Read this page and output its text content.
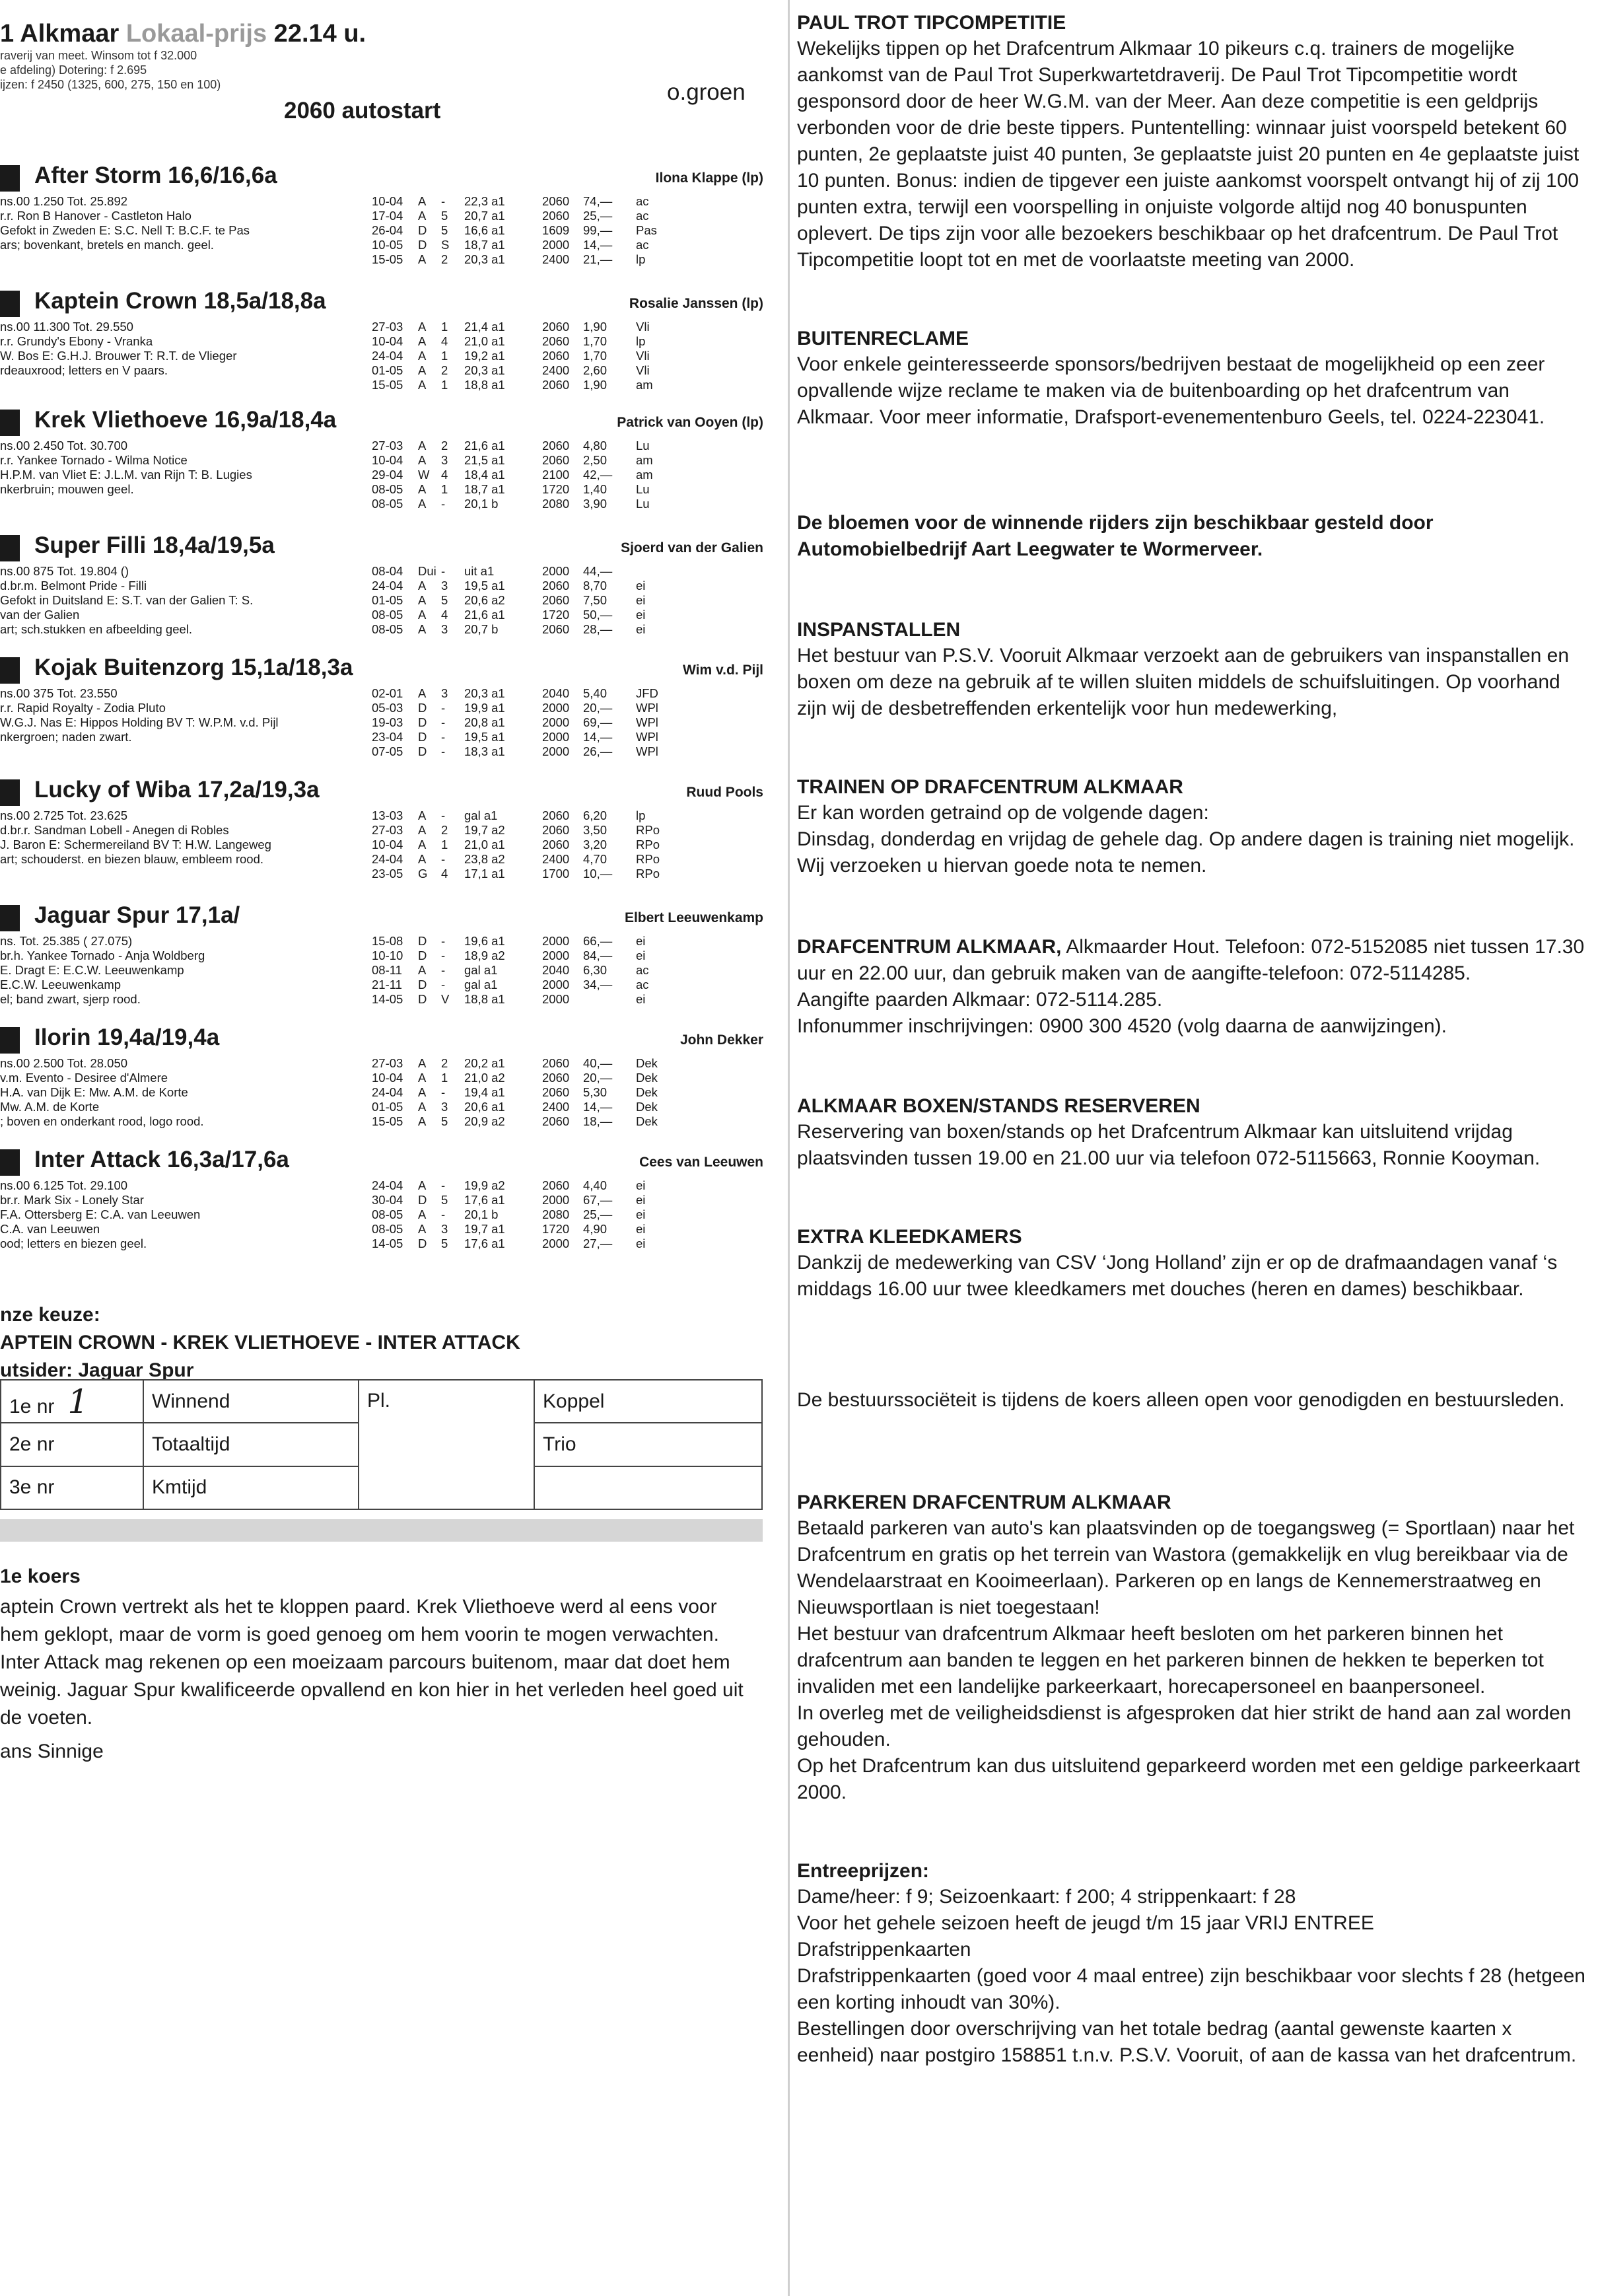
1 Alkmaar Lokaal-prijs 22.14 u.
raverij van meet. Winsom tot f 32.000
e afdeling) Dotering: f 2.695
ijzen: f 2450 (1325, 600, 275, 150 en 100)
2060 autostart
o.groen
After Storm 16,6/16,6a	Ilona Klappe (lp)
ns.00 1.250 Tot. 25.892
r.r. Ron B Hanover - Castleton Halo
Gefokt in Zweden E: S.C. Nell T: B.C.F. te Pas
ars; bovenkant, bretels en manch. geel.
10-04 A - 22,3 a1	2060 74,— ac
17-04 A 5 20,7 a1	2060 25,— ac
26-04 D 5 16,6 a1	1609 99,— Pas
10-05 D S 18,7 a1	2000 14,— ac
15-05 A 2 20,3 a1	2400 21,— lp
Kaptein Crown 18,5a/18,8a	Rosalie Janssen (lp)
ns.00 11.300 Tot. 29.550
r.r. Grundy's Ebony - Vranka
W. Bos E: G.H.J. Brouwer T: R.T. de Vlieger
rdeauxrood; letters en V paars.
27-03 A 1 21,4 a1	2060 1,90 Vli
10-04 A 4 21,0 a1	2060 1,70 lp
24-04 A 1 19,2 a1	2060 1,70 Vli
01-05 A 2 20,3 a1	2400 2,60 Vli
15-05 A 1 18,8 a1	2060 1,90 am
Krek Vliethoeve 16,9a/18,4a	Patrick van Ooyen (lp)
ns.00 2.450 Tot. 30.700
r.r. Yankee Tornado - Wilma Notice
H.P.M. van Vliet E: J.L.M. van Rijn T: B. Lugies
nkerbruin; mouwen geel.
27-03 A 2 21,6 a1	2060 4,80 Lu
10-04 A 3 21,5 a1	2060 2,50 am
29-04 W 4 18,4 a1	2100 42,— am
08-05 A 1 18,7 a1	1720 1,40 Lu
08-05 A - 20,1 b	2080 3,90 Lu
Super Filli 18,4a/19,5a	Sjoerd van der Galien
ns.00 875 Tot. 19.804 ()
d.br.m. Belmont Pride - Filli
Gefokt in Duitsland E: S.T. van der Galien T: S.
van der Galien
art; sch.stukken en afbeelding geel.
08-04 Dui - uit a1	2000 44,—
24-04 A 3 19,5 a1	2060 8,70 ei
01-05 A 5 20,6 a2	2060 7,50 ei
08-05 A 4 21,6 a1	1720 50,— ei
08-05 A 3 20,7 b	2060 28,— ei
Kojak Buitenzorg 15,1a/18,3a	Wim v.d. Pijl
ns.00 375 Tot. 23.550
r.r. Rapid Royalty - Zodia Pluto
W.G.J. Nas E: Hippos Holding BV T: W.P.M. v.d. Pijl
nkergroen; naden zwart.
02-01 A 3 20,3 a1	2040 5,40 JFD
05-03 D - 19,9 a1	2000 20,— WPl
19-03 D - 20,8 a1	2000 69,— WPl
23-04 D - 19,5 a1	2000 14,— WPl
07-05 D - 18,3 a1	2000 26,— WPl
Lucky of Wiba 17,2a/19,3a	Ruud Pools
ns.00 2.725 Tot. 23.625
d.br.r. Sandman Lobell - Anegen di Robles
J. Baron E: Schermereiland BV T: H.W. Langeweg
art; schouderst. en biezen blauw, embleem rood.
13-03 A - gal a1	2060 6,20 lp
27-03 A 2 19,7 a2	2060 3,50 RPo
10-04 A 1 21,0 a1	2060 3,20 RPo
24-04 A - 23,8 a2	2400 4,70 RPo
23-05 G 4 17,1 a1	1700 10,— RPo
Jaguar Spur 17,1a/	Elbert Leeuwenkamp
ns. Tot. 25.385 ( 27.075)
br.h. Yankee Tornado - Anja Woldberg
E. Dragt E: E.C.W. Leeuwenkamp
E.C.W. Leeuwenkamp
el; band zwart, sjerp rood.
15-08 D - 19,6 a1	2000 66,— ei
10-10 D - 18,9 a2	2000 84,— ei
08-11 A - gal a1	2040 6,30 ac
21-11 D - gal a1	2000 34,— ac
14-05 D V 18,8 a1	2000	ei
Ilorin 19,4a/19,4a	John Dekker
ns.00 2.500 Tot. 28.050
v.m. Evento - Desiree d'Almere
H.A. van Dijk E: Mw. A.M. de Korte
Mw. A.M. de Korte
; boven en onderkant rood, logo rood.
27-03 A 2 20,2 a1	2060 40,— Dek
10-04 A 1 21,0 a2	2060 20,— Dek
24-04 A - 19,4 a1	2060 5,30 Dek
01-05 A 3 20,6 a1	2400 14,— Dek
15-05 A 5 20,9 a2	2060 18,— Dek
Inter Attack 16,3a/17,6a	Cees van Leeuwen
ns.00 6.125 Tot. 29.100
br.r. Mark Six - Lonely Star
F.A. Ottersberg E: C.A. van Leeuwen
C.A. van Leeuwen
ood; letters en biezen geel.
24-04 A - 19,9 a2	2060 4,40 ei
30-04 D 5 17,6 a1	2000 67,— ei
08-05 A - 20,1 b	2080 25,— ei
08-05 A 3 19,7 a1	1720 4,90 ei
14-05 D 5 17,6 a1	2000 27,— ei
nze keuze:
APTEIN CROWN - KREK VLIETHOEVE - INTER ATTACK
utsider: Jaguar Spur
1e nr 1	Winnend	Pl.	Koppel
2e nr	Totaaltijd		Trio
3e nr	Kmtijd		
1e koers
aptein Crown vertrekt als het te kloppen paard. Krek Vliethoeve werd al eens voor hem geklopt, maar de vorm is goed genoeg om hem voorin te mogen verwachten. Inter Attack mag rekenen op een moeizaam parcours buitenom, maar dat doet hem weinig. Jaguar Spur kwalificeerde opvallend en kon hier in het verleden heel goed uit de voeten.
ans Sinnige
PAUL TROT TIPCOMPETITIE

Wekelijks tippen op het Drafcentrum Alkmaar 10 pikeurs c.q. trainers de mogelijke aankomst van de Paul Trot Superkwartetdraverij. De Paul Trot Tipcompetitie wordt gesponsord door de heer W.G.M. van der Meer. Aan deze competitie is een geldprijs verbonden voor de drie beste tippers. Puntentelling: winnaar juist voorspeld betekent 60 punten, 2e geplaatste juist 40 punten, 3e geplaatste juist 20 punten en 4e geplaatste juist 10 punten. Bonus: indien de tipgever een juiste aankomst voorspelt ontvangt hij of zij 100 punten extra, terwijl een voorspelling in onjuiste volgorde altijd nog 40 bonuspunten oplevert. De tips zijn voor alle bezoekers beschikbaar op het drafcentrum. De Paul Trot Tipcompetitie loopt tot en met de voorlaatste meeting van 2000.

BUITENRECLAME

Voor enkele geinteresseerde sponsors/bedrijven bestaat de mogelijkheid op een zeer opvallende wijze reclame te maken via de buitenboarding op het drafcentrum van Alkmaar. Voor meer informatie, Drafsport-evenementenburo Geels, tel. 0224-223041.

De bloemen voor de winnende rijders zijn beschikbaar gesteld door Automobielbedrijf Aart Leegwater te Wormerveer.

INSPANSTALLEN

Het bestuur van P.S.V. Vooruit Alkmaar verzoekt aan de gebruikers van inspanstallen en boxen om deze na gebruik af te willen sluiten middels de schuifsluitingen. Op voorhand zijn wij de desbetreffenden erkentelijk voor hun medewerking,

TRAINEN OP DRAFCENTRUM ALKMAAR

Er kan worden getraind op de volgende dagen:

Dinsdag, donderdag en vrijdag de gehele dag. Op andere dagen is training niet mogelijk. Wij verzoeken u hiervan goede nota te nemen.

DRAFCENTRUM ALKMAAR, Alkmaarder Hout. Telefoon: 072-5152085 niet tussen 17.30 uur en 22.00 uur, dan gebruik maken van de aangifte-telefoon: 072-5114285.

Aangifte paarden Alkmaar: 072-5114.285.

Infonummer inschrijvingen: 0900 300 4520 (volg daarna de aanwijzingen).

ALKMAAR BOXEN/STANDS RESERVEREN

Reservering van boxen/stands op het Drafcentrum Alkmaar kan uitsluitend vrijdag plaatsvinden tussen 19.00 en 21.00 uur via telefoon 072-5115663, Ronnie Kooyman.

EXTRA KLEEDKAMERS

Dankzij de medewerking van CSV ‘Jong Holland’ zijn er op de drafmaandagen vanaf ‘s middags 16.00 uur twee kleedkamers met douches (heren en dames) beschikbaar.

De bestuurssociëteit is tijdens de koers alleen open voor genodigden en bestuursleden.

PARKEREN DRAFCENTRUM ALKMAAR

Betaald parkeren van auto's kan plaatsvinden op de toegangsweg (= Sportlaan) naar het Drafcentrum en gratis op het terrein van Wastora (gemakkelijk en vlug bereikbaar via de Wendelaarstraat en Kooimeerlaan). Parkeren op en langs de Kennemerstraatweg en Nieuwsportlaan is niet toegestaan!

Het bestuur van drafcentrum Alkmaar heeft besloten om het parkeren binnen het drafcentrum aan banden te leggen en het parkeren binnen de hekken te beperken tot invaliden met een landelijke parkeerkaart, horecapersoneel en baanpersoneel.

In overleg met de veiligheidsdienst is afgesproken dat hier strikt de hand aan zal worden gehouden.

Op het Drafcentrum kan dus uitsluitend geparkeerd worden met een geldige parkeerkaart 2000.

Entreeprijzen:

Dame/heer: f 9; Seizoenkaart: f 200; 4 strippenkaart: f 28

Voor het gehele seizoen heeft de jeugd t/m 15 jaar VRIJ ENTREE

Drafstrippenkaarten

Drafstrippenkaarten (goed voor 4 maal entree) zijn beschikbaar voor slechts f 28 (hetgeen een korting inhoudt van 30%).

Bestellingen door overschrijving van het totale bedrag (aantal gewenste kaarten x eenheid) naar postgiro 158851 t.n.v. P.S.V. Vooruit, of aan de kassa van het drafcentrum.
